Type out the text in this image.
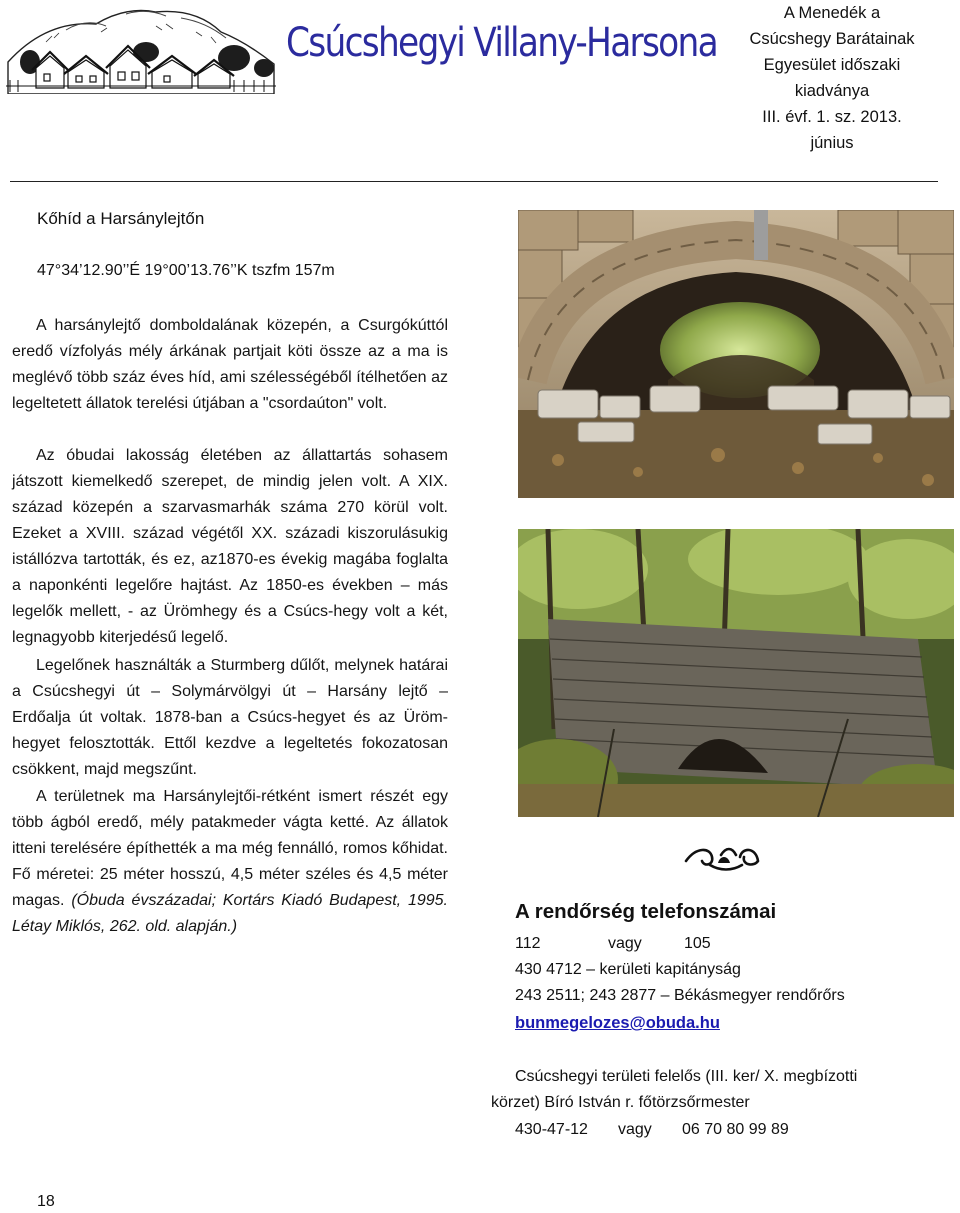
Csúcshegyi Villany-Harsona
A Menedék a
Csúcshegy Barátainak
Egyesület időszaki
kiadványa
III. évf. 1. sz. 2013.
június
Kőhíd a Harsánylejtőn

47°34’12.90’’É 19°00’13.76’’K tszfm 157m

A harsánylejtő domboldalának közepén, a Csurgókúttól eredő vízfolyás mély árkának partjait köti össze az a ma is meglévő több száz éves híd, ami szélességéből ítélhetően az legeltetett állatok terelési útjában a "csordaúton" volt.

Az óbudai lakosság életében az állattartás sohasem játszott kiemelkedő szerepet, de mindig jelen volt. A XIX. század közepén a szarvasmarhák száma 270 körül volt. Ezeket a XVIII. század végétől XX. századi kiszorulásukig istállózva tartották, és ez, az1870-es évekig magába foglalta a naponkénti legelőre hajtást. Az 1850-es években – más legelők mellett, - az Ürömhegy és a Csúcs-hegy volt a két, legnagyobb kiterjedésű legelő.

Legelőnek használták a Sturmberg dűlőt, melynek határai a Csúcshegyi út – Solymárvölgyi út – Harsány lejtő – Erdőalja út voltak. 1878-ban a Csúcs-hegyet és az Üröm-hegyet felosztották. Ettől kezdve a legeltetés fokozatosan csökkent, majd megszűnt.

A területnek ma Harsánylejtői-rétként ismert részét egy több ágból eredő, mély patakmeder vágta ketté. Az állatok itteni terelésére építhették a ma még fennálló, romos kőhidat. Fő méretei: 25 méter hosszú, 4,5 méter széles és 4,5 méter magas. (Óbuda évszázadai; Kortárs Kiadó Budapest, 1995. Létay Miklós, 262. old. alapján.)

A rendőrség telefonszámai

112	vagy	105

430 4712 – kerületi kapitányság

243 2511; 243 2877 – Békásmegyer rendőrőrs

bunmegelozes@obuda.hu

Csúcshegyi területi felelős (III. ker/ X. megbízotti

körzet) Bíró István r. főtörzsőrmester

430-47-12 vagy 06 70 80 99 89

18
